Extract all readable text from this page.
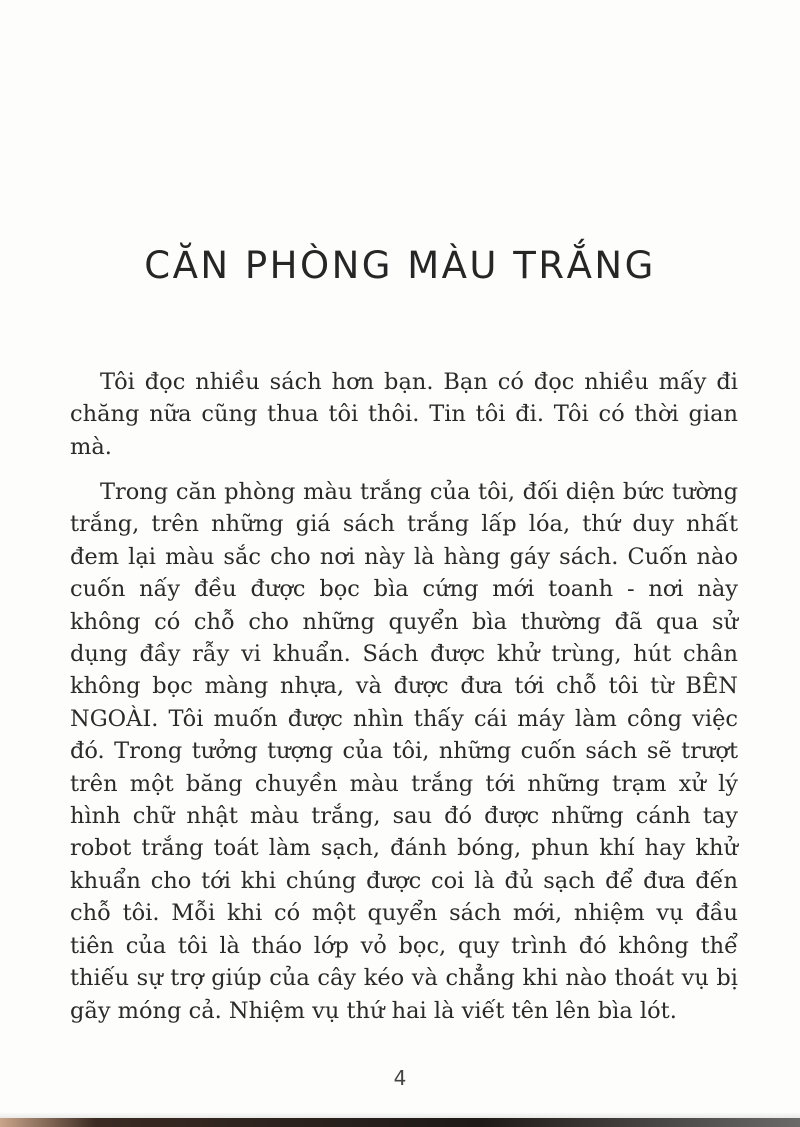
CĂN PHÒNG MÀU TRẮNG

Tôi đọc nhiều sách hơn bạn. Bạn có đọc nhiều mấy đi chăng nữa cũng thua tôi thôi. Tin tôi đi. Tôi có thời gian mà.

Trong căn phòng màu trắng của tôi, đối diện bức tường trắng, trên những giá sách trắng lấp lóa, thứ duy nhất đem lại màu sắc cho nơi này là hàng gáy sách. Cuốn nào cuốn nấy đều được bọc bìa cứng mới toanh - nơi này không có chỗ cho những quyển bìa thường đã qua sử dụng đầy rẫy vi khuẩn. Sách được khử trùng, hút chân không bọc màng nhựa, và được đưa tới chỗ tôi từ BÊN NGOÀI. Tôi muốn được nhìn thấy cái máy làm công việc đó. Trong tưởng tượng của tôi, những cuốn sách sẽ trượt trên một băng chuyền màu trắng tới những trạm xử lý hình chữ nhật màu trắng, sau đó được những cánh tay robot trắng toát làm sạch, đánh bóng, phun khí hay khử khuẩn cho tới khi chúng được coi là đủ sạch để đưa đến chỗ tôi. Mỗi khi có một quyển sách mới, nhiệm vụ đầu tiên của tôi là tháo lớp vỏ bọc, quy trình đó không thể thiếu sự trợ giúp của cây kéo và chẳng khi nào thoát vụ bị gãy móng cả. Nhiệm vụ thứ hai là viết tên lên bìa lót.

4
